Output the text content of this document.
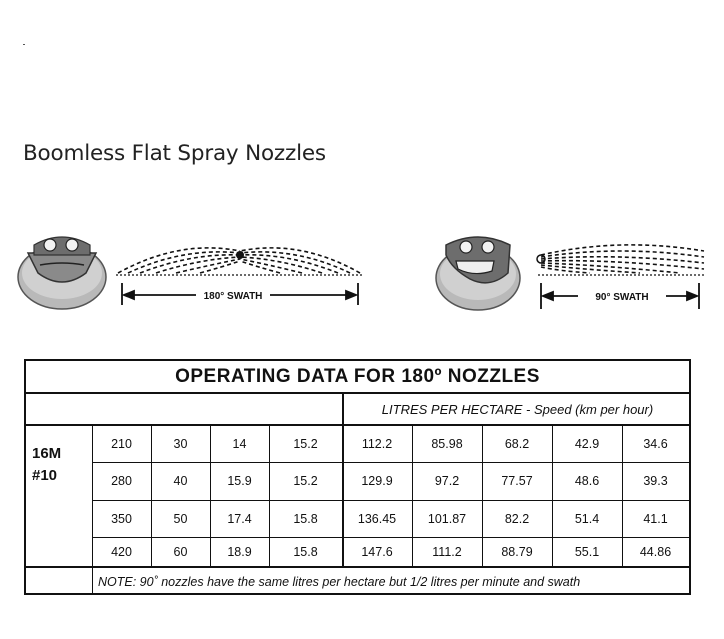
Boomless Flat Spray Nozzles
180° SWATH	90° SWATH
OPERATING DATA FOR 180º NOZZLES
LITRES PER HECTARE - Speed (km per hour)
16M
#10
NOTE: 90˚ nozzles have the same litres per hectare but 1/2 litres per minute and swath
210	30	14	15.2	112.2	85.98	68.2	42.9	34.6
280	40	15.9	15.2	129.9	97.2	77.57	48.6	39.3
350	50	17.4	15.8	136.45	101.87	82.2	51.4	41.1
420	60	18.9	15.8	147.6	111.2	88.79	55.1	44.86
